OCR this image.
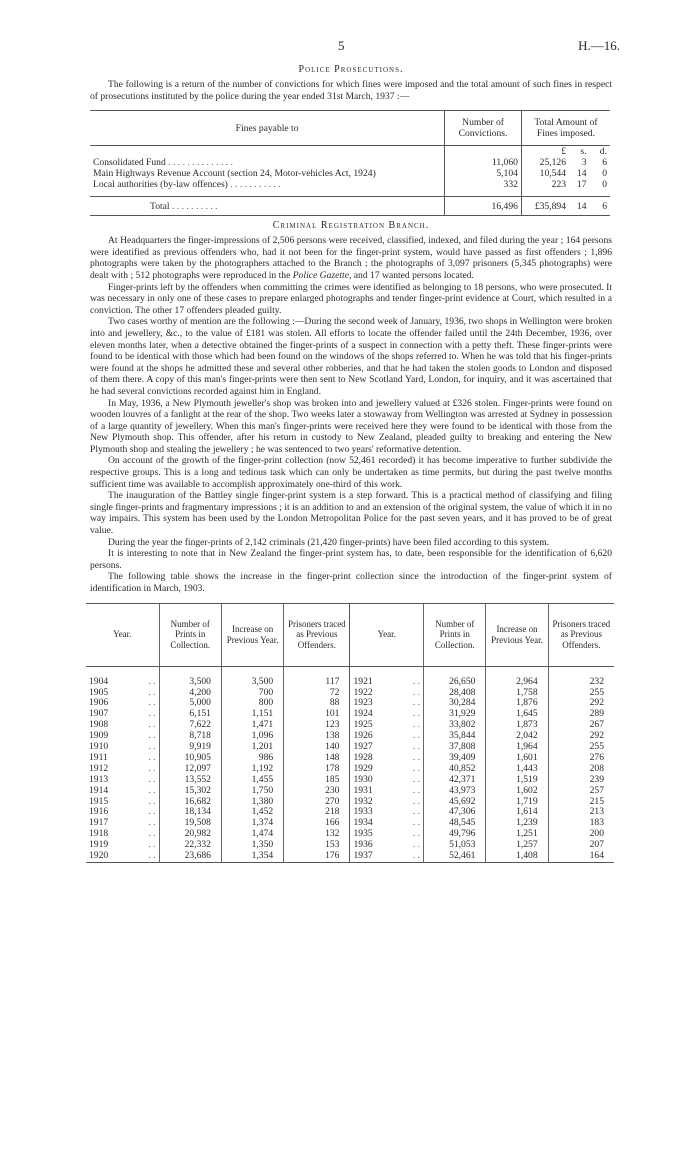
5	H.—16.
Police Prosecutions.

The following is a return of the number of convictions for which fines were imposed and the total amount of such fines in respect of prosecutions instituted by the police during the year ended 31st March, 1937 :—

Fines payable to	Number of Convictions.	Total Amount of Fines imposed.		
		£	s.	d.
Consolidated Fund . . . . . . . . . . . . . .	11,060	25,126	3	6
Main Highways Revenue Account (section 24, Motor-vehicles Act, 1924)	5,104	10,544	14	0
Local authorities (by-law offences) . . . . . . . . . . .	332	223	17	0

Total . . . . . . . . . .	16,496	£35,894	14	6
Criminal Registration Branch.

At Headquarters the finger-impressions of 2,506 persons were received, classified, indexed, and filed during the year ; 164 persons were identified as previous offenders who, had it not been for the finger-print system, would have passed as first offenders ; 1,896 photographs were taken by the photographers attached to the Branch ; the photographs of 3,097 prisoners (5,345 photographs) were dealt with ; 512 photographs were reproduced in the Police Gazette, and 17 wanted persons located.

Finger-prints left by the offenders when committing the crimes were identified as belonging to 18 persons, who were prosecuted. It was necessary in only one of these cases to prepare enlarged photographs and tender finger-print evidence at Court, which resulted in a conviction. The other 17 offenders pleaded guilty.

Two cases worthy of mention are the following :—During the second week of January, 1936, two shops in Wellington were broken into and jewellery, &c., to the value of £181 was stolen. All efforts to locate the offender failed until the 24th December, 1936, over eleven months later, when a detective obtained the finger-prints of a suspect in connection with a petty theft. These finger-prints were found to be identical with those which had been found on the windows of the shops referred to. When he was told that his finger-prints were found at the shops he admitted these and several other robberies, and that he had taken the stolen goods to London and disposed of them there. A copy of this man's finger-prints were then sent to New Scotland Yard, London, for inquiry, and it was ascertained that he had several convictions recorded against him in England.

In May, 1936, a New Plymouth jeweller's shop was broken into and jewellery valued at £326 stolen. Finger-prints were found on wooden louvres of a fanlight at the rear of the shop. Two weeks later a stowaway from Wellington was arrested at Sydney in possession of a large quantity of jewellery. When this man's finger-prints were received here they were found to be identical with those from the New Plymouth shop. This offender, after his return in custody to New Zealand, pleaded guilty to breaking and entering the New Plymouth shop and stealing the jewellery ; he was sentenced to two years' reformative detention.

On account of the growth of the finger-print collection (now 52,461 recorded) it has become imperative to further subdivide the respective groups. This is a long and tedious task which can only be undertaken as time permits, but during the past twelve months sufficient time was available to accomplish approximately one-third of this work.

The inauguration of the Battley single finger-print system is a step forward. This is a practical method of classifying and filing single finger-prints and fragmentary impressions ; it is an addition to and an extension of the original system, the value of which it in no way impairs. This system has been used by the London Metropolitan Police for the past seven years, and it has proved to be of great value.

During the year the finger-prints of 2,142 criminals (21,420 finger-prints) have been filed according to this system.

It is interesting to note that in New Zealand the finger-print system has, to date, been responsible for the identification of 6,620 persons.

The following table shows the increase in the finger-print collection since the introduction of the finger-print system of identification in March, 1903.

Year.	Number of Prints in Collection.	Increase on Previous Year.	Prisoners traced as Previous Offenders.	Year.	Number of Prints in Collection.	Increase on Previous Year.	Prisoners traced as Previous Offenders.

1904 . .	3,500	3,500	117	1921 . .	26,650	2,964	232
1905 . .	4,200	700	72	1922 . .	28,408	1,758	255
1906 . .	5,000	800	88	1923 . .	30,284	1,876	292
1907 . .	6,151	1,151	101	1924 . .	31,929	1,645	289
1908 . .	7,622	1,471	123	1925 . .	33,802	1,873	267
1909 . .	8,718	1,096	138	1926 . .	35,844	2,042	292
1910 . .	9,919	1,201	140	1927 . .	37,808	1,964	255
1911 . .	10,905	986	148	1928 . .	39,409	1,601	276
1912 . .	12,097	1,192	178	1929 . .	40,852	1,443	208
1913 . .	13,552	1,455	185	1930 . .	42,371	1,519	239
1914 . .	15,302	1,750	230	1931 . .	43,973	1,602	257
1915 . .	16,682	1,380	270	1932 . .	45,692	1,719	215
1916 . .	18,134	1,452	218	1933 . .	47,306	1,614	213
1917 . .	19,508	1,374	166	1934 . .	48,545	1,239	183
1918 . .	20,982	1,474	132	1935 . .	49,796	1,251	200
1919 . .	22,332	1,350	153	1936 . .	51,053	1,257	207
1920 . .	23,686	1,354	176	1937 . .	52,461	1,408	164
